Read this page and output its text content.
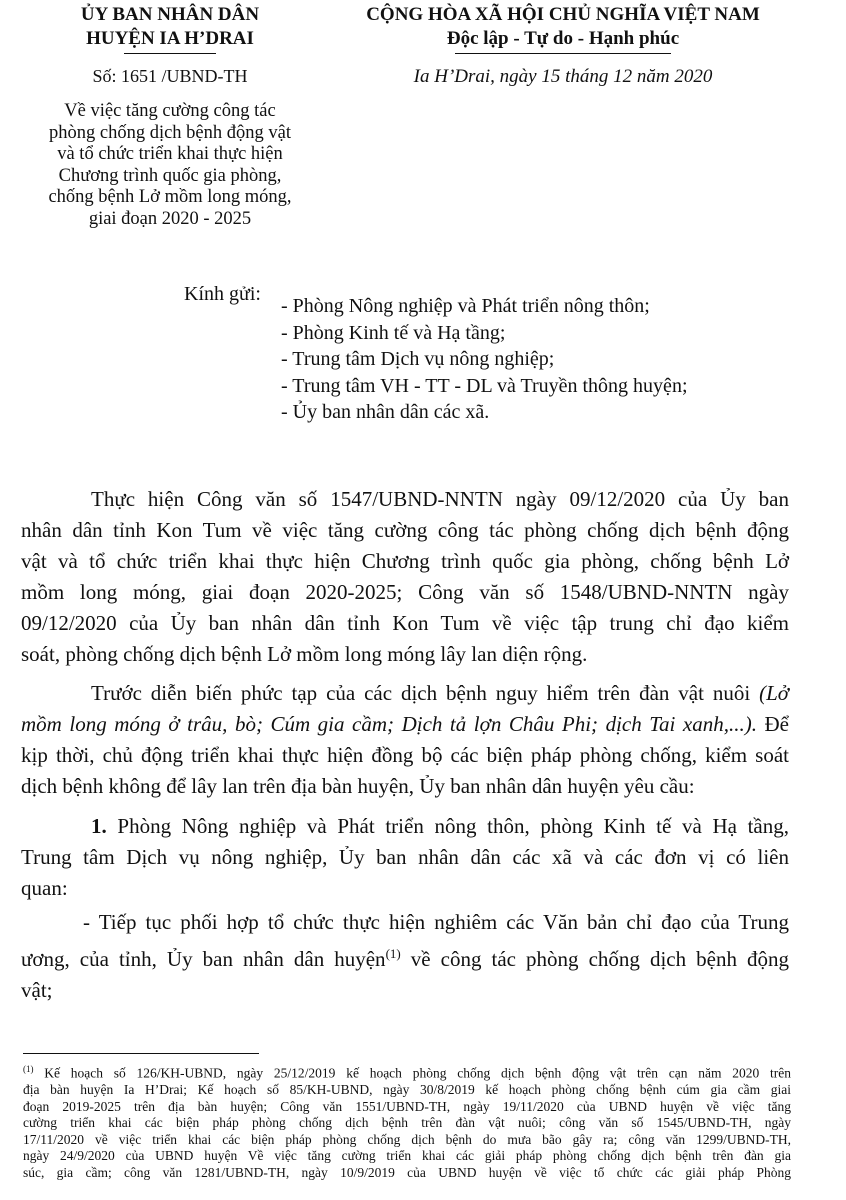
ỦY BAN NHÂN DÂN
HUYỆN IA H’DRAI
CỘNG HÒA XÃ HỘI CHỦ NGHĨA VIỆT NAM
Độc lập - Tự do - Hạnh phúc
Số: 1651 /UBND-TH	Ia H’Drai, ngày 15 tháng 12 năm 2020
Về việc tăng cường công tác
phòng chống dịch bệnh động vật
và tổ chức triển khai thực hiện
Chương trình quốc gia phòng,
chống bệnh Lở mồm long móng,
giai đoạn 2020 - 2025
Kính gửi:
- Phòng Nông nghiệp và Phát triển nông thôn;
- Phòng Kinh tế và Hạ tầng;
- Trung tâm Dịch vụ nông nghiệp;
- Trung tâm VH - TT - DL và Truyền thông huyện;
- Ủy ban nhân dân các xã.
Thực hiện Công văn số 1547/UBND-NNTN ngày 09/12/2020 của Ủy ban
nhân dân tỉnh Kon Tum về việc tăng cường công tác phòng chống dịch bệnh động
vật và tổ chức triển khai thực hiện Chương trình quốc gia phòng, chống bệnh Lở
mồm long móng, giai đoạn 2020-2025; Công văn số 1548/UBND-NNTN ngày
09/12/2020 của Ủy ban nhân dân tỉnh Kon Tum về việc tập trung chỉ đạo kiểm
soát, phòng chống dịch bệnh Lở mồm long móng lây lan diện rộng.
Trước diễn biến phức tạp của các dịch bệnh nguy hiểm trên đàn vật nuôi (Lở
mồm long móng ở trâu, bò; Cúm gia cầm; Dịch tả lợn Châu Phi; dịch Tai xanh,...). Để
kịp thời, chủ động triển khai thực hiện đồng bộ các biện pháp phòng chống, kiểm soát
dịch bệnh không để lây lan trên địa bàn huyện, Ủy ban nhân dân huyện yêu cầu:
1. Phòng Nông nghiệp và Phát triển nông thôn, phòng Kinh tế và Hạ tầng,
Trung tâm Dịch vụ nông nghiệp, Ủy ban nhân dân các xã và các đơn vị có liên
quan:
- Tiếp tục phối hợp tổ chức thực hiện nghiêm các Văn bản chỉ đạo của Trung
ương, của tỉnh, Ủy ban nhân dân huyện$^{(1)}$ về công tác phòng chống dịch bệnh động
vật;
$^{(1)}$ Kế hoạch số 126/KH-UBND, ngày 25/12/2019 kế hoạch phòng chống dịch bệnh động vật trên cạn năm 2020 trên
địa bàn huyện Ia H’Drai; Kế hoạch số 85/KH-UBND, ngày 30/8/2019 kế hoạch phòng chống bệnh cúm gia cầm giai
đoạn 2019-2025 trên địa bàn huyện; Công văn 1551/UBND-TH, ngày 19/11/2020 của UBND huyện về việc tăng
cường triển khai các biện pháp phòng chống dịch bệnh trên đàn vật nuôi; công văn số 1545/UBND-TH, ngày
17/11/2020 về việc triển khai các biện pháp phòng chống dịch bệnh do mưa bão gây ra; công văn 1299/UBND-TH,
ngày 24/9/2020 của UBND huyện Về việc tăng cường triển khai các giải pháp phòng chống dịch bệnh trên đàn gia
súc, gia cầm; công văn 1281/UBND-TH, ngày 10/9/2019 của UBND huyện về việc tổ chức các giải pháp Phòng
